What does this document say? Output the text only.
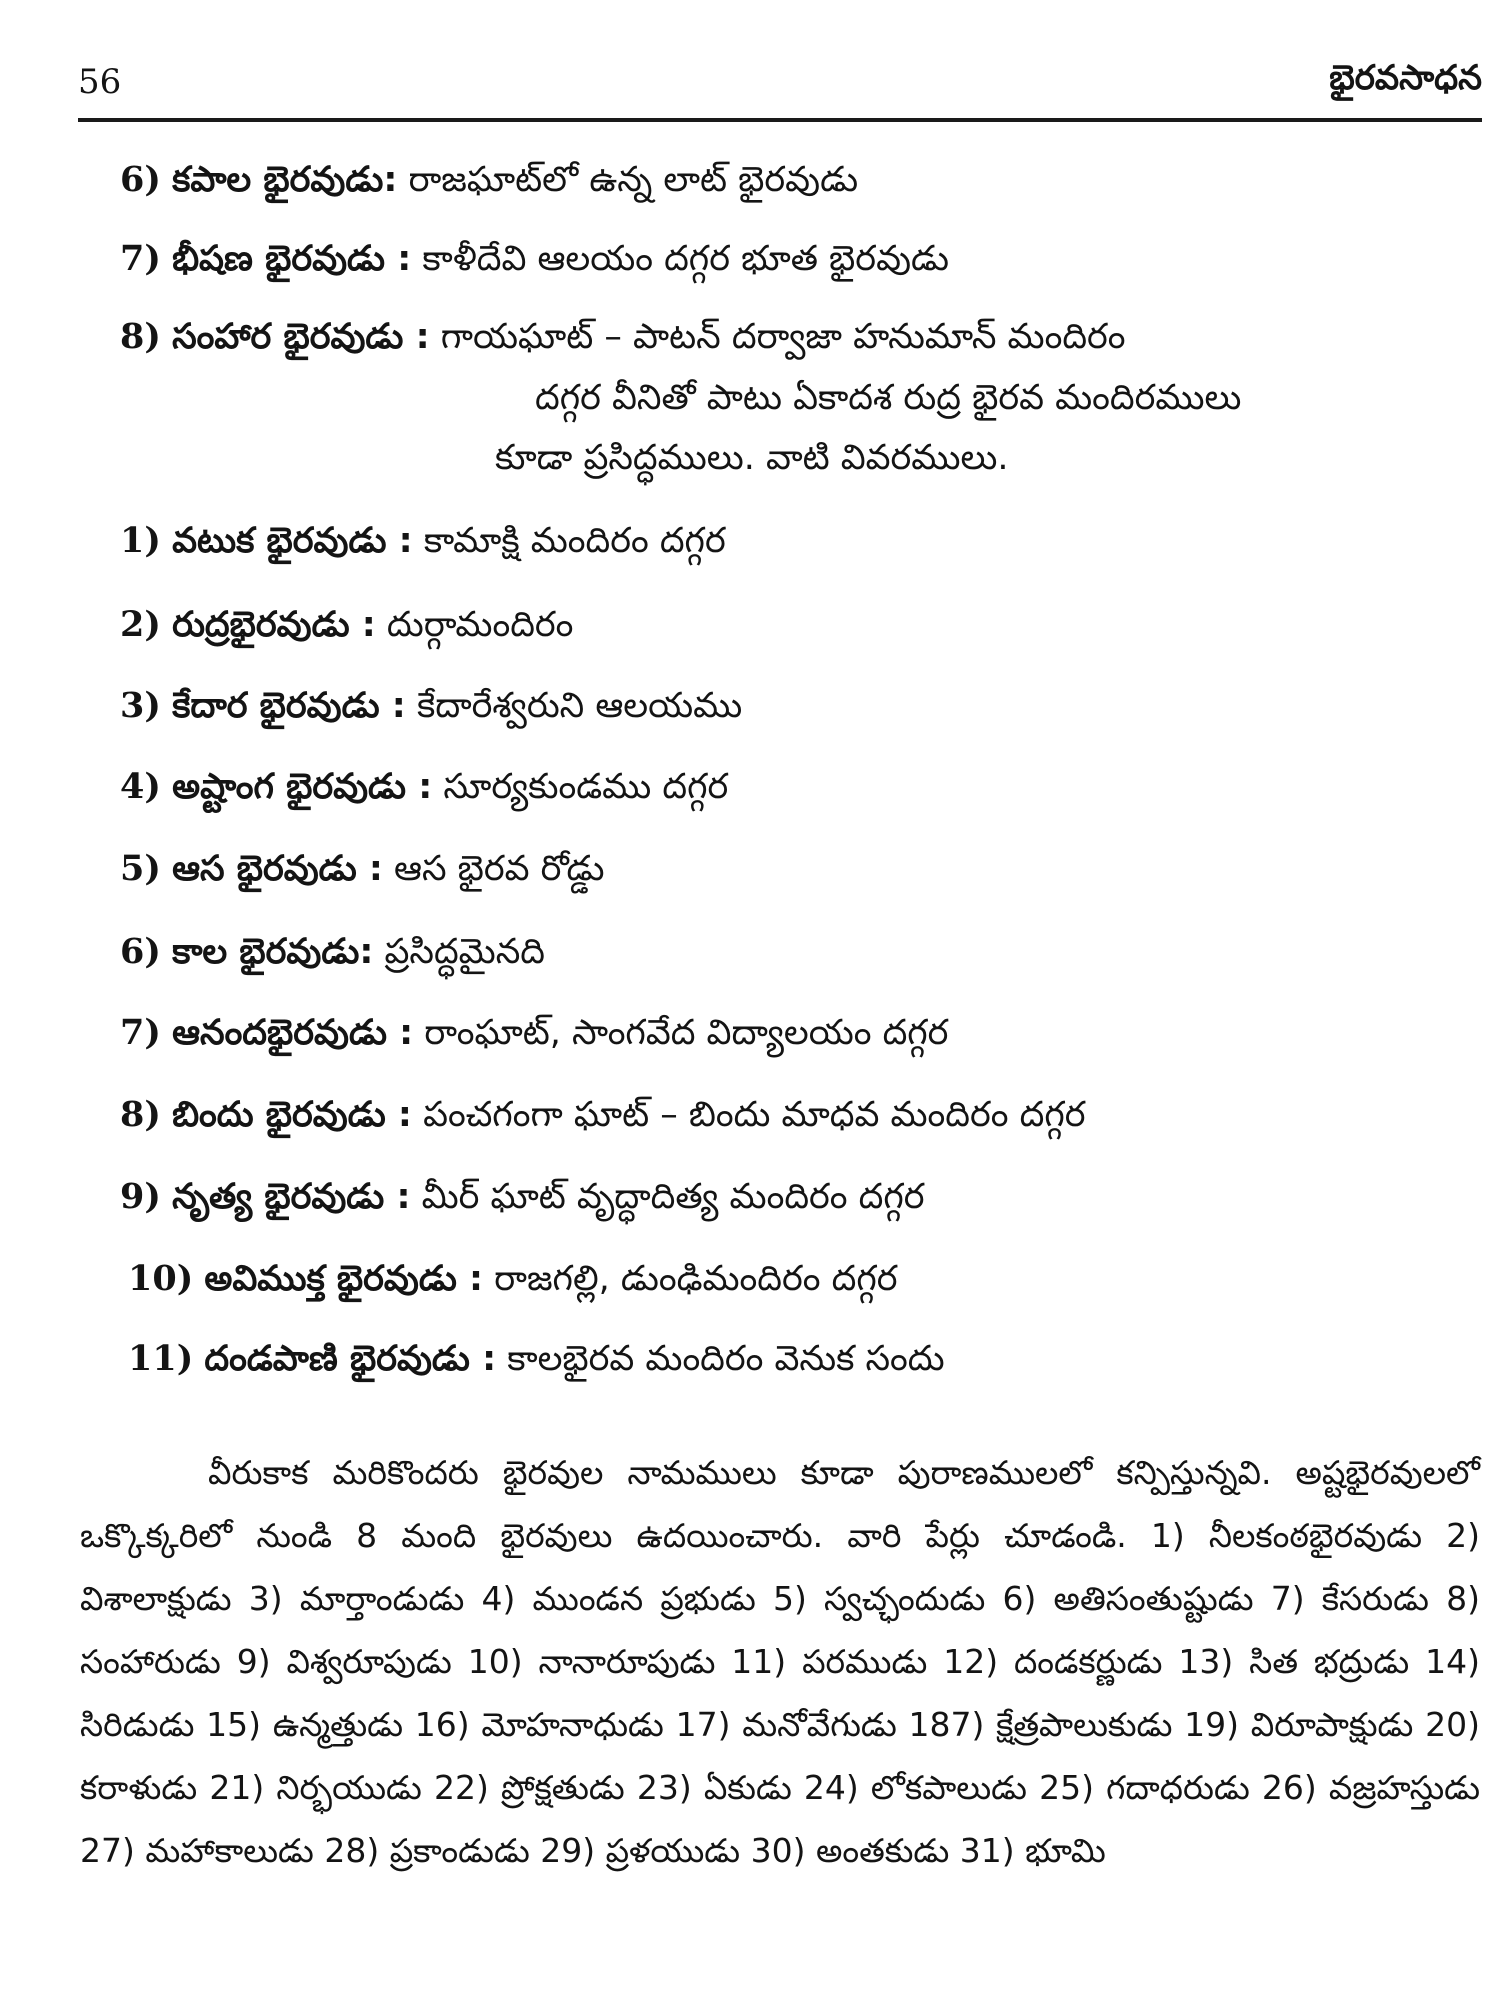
56	భైరవసాధన
6) కపాల భైరవుడు: రాజఘాట్‌లో ఉన్న లాట్ భైరవుడు
7) భీషణ భైరవుడు : కాళీదేవి ఆలయం దగ్గర భూత భైరవుడు
8) సంహార భైరవుడు : గాయఘాట్ – పాటన్ దర్వాజా హనుమాన్ మందిరం
దగ్గర వీనితో పాటు ఏకాదశ రుద్ర భైరవ మందిరములు
కూడా ప్రసిద్ధములు. వాటి వివరములు.
1) వటుక భైరవుడు : కామాక్షి మందిరం దగ్గర
2) రుద్రభైరవుడు : దుర్గామందిరం
3) కేదార భైరవుడు : కేదారేశ్వరుని ఆలయము
4) అష్టాంగ భైరవుడు : సూర్యకుండము దగ్గర
5) ఆస భైరవుడు : ఆస భైరవ రోడ్డు
6) కాల భైరవుడు: ప్రసిద్ధమైనది
7) ఆనందభైరవుడు : రాంఘాట్, సాంగవేద విద్యాలయం దగ్గర
8) బిందు భైరవుడు : పంచగంగా ఘాట్ – బిందు మాధవ మందిరం దగ్గర
9) నృత్య భైరవుడు : మీర్ ఘాట్ వృద్ధాదిత్య మందిరం దగ్గర
10) అవిముక్త భైరవుడు : రాజగల్లి, డుంఢిమందిరం దగ్గర
11) దండపాణి భైరవుడు : కాలభైరవ మందిరం వెనుక సందు

వీరుకాక మరికొందరు భైరవుల నామములు కూడా పురాణములలో కన్పిస్తున్నవి. అష్టభైరవులలో ఒక్కొక్కరిలో నుండి 8 మంది భైరవులు ఉదయించారు. వారి పేర్లు చూడండి. 1) నీలకంఠభైరవుడు 2) విశాలాక్షుడు 3) మార్తాండుడు 4) ముండన ప్రభుడు 5) స్వచ్ఛందుడు 6) అతిసంతుష్టుడు 7) కేసరుడు 8) సంహారుడు 9) విశ్వరూపుడు 10) నానారూపుడు 11) పరముడు 12) దండకర్ణుడు 13) సిత భద్రుడు 14) సిరిడుడు 15) ఉన్మత్తుడు 16) మోహనాధుడు 17) మనోవేగుడు 187) క్షేత్రపాలుకుడు 19) విరూపాక్షుడు 20) కరాళుడు 21) నిర్భయుడు 22) ప్రోక్షతుడు 23) ఏకుడు 24) లోకపాలుడు 25) గదాధరుడు 26) వజ్రహస్తుడు 27) మహాకాలుడు 28) ప్రకాండుడు 29) ప్రళయుడు 30) అంతకుడు 31) భూమి
